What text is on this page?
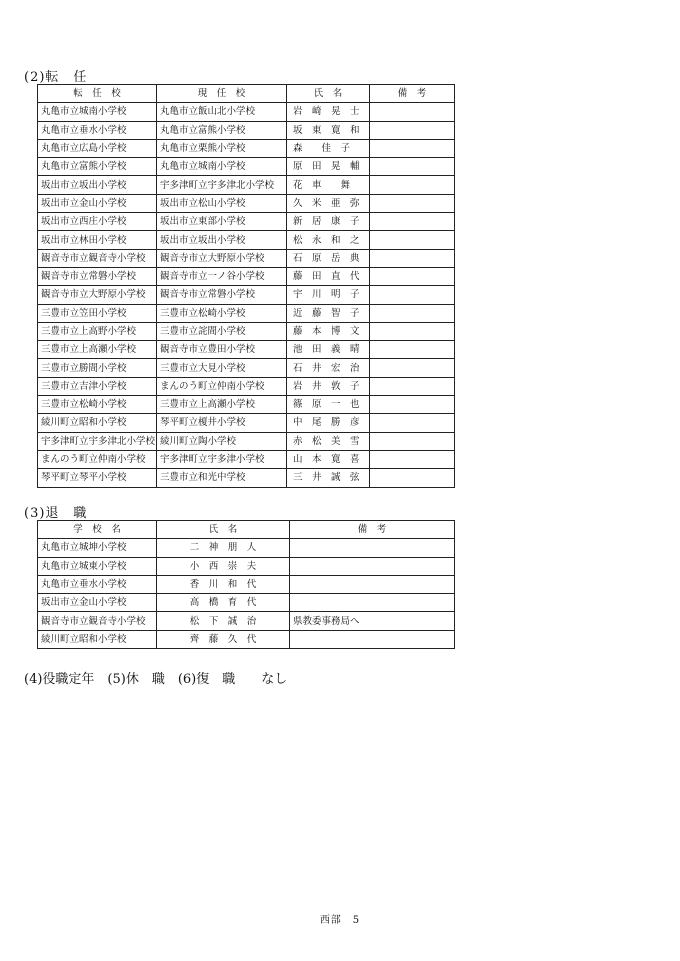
(2)転　任
転　任　校	現　任　校	氏　名	備　考
丸亀市立城南小学校	丸亀市立飯山北小学校	岩　崎　晃　士	
丸亀市立垂水小学校	丸亀市立富熊小学校	坂　東　寛　和	
丸亀市立広島小学校	丸亀市立栗熊小学校	森　　佳　子	
丸亀市立富熊小学校	丸亀市立城南小学校	原　田　晃　輔	
坂出市立坂出小学校	宇多津町立宇多津北小学校	花　車　　舞	
坂出市立金山小学校	坂出市立松山小学校	久　米　亜　弥	
坂出市立西庄小学校	坂出市立東部小学校	新　居　康　子	
坂出市立林田小学校	坂出市立坂出小学校	松　永　和　之	
観音寺市立観音寺小学校	観音寺市立大野原小学校	石　原　岳　典	
観音寺市立常磐小学校	観音寺市立一ノ谷小学校	藤　田　直　代	
観音寺市立大野原小学校	観音寺市立常磐小学校	宇　川　明　子	
三豊市立笠田小学校	三豊市立松崎小学校	近　藤　智　子	
三豊市立上高野小学校	三豊市立詫間小学校	藤　本　博　文	
三豊市立上高瀬小学校	観音寺市立豊田小学校	池　田　義　晴	
三豊市立勝間小学校	三豊市立大見小学校	石　井　宏　治	
三豊市立吉津小学校	まんのう町立仲南小学校	岩　井　敦　子	
三豊市立松崎小学校	三豊市立上高瀬小学校	篠　原　一　也	
綾川町立昭和小学校	琴平町立榎井小学校	中　尾　勝　彦	
宇多津町立宇多津北小学校	綾川町立陶小学校	赤　松　美　雪	
まんのう町立仲南小学校	宇多津町立宇多津小学校	山　本　寛　喜	
琴平町立琴平小学校	三豊市立和光中学校	三　井　誠　弦	
(3)退　職
学　校　名	氏　名	備　考
丸亀市立城坤小学校	二　神　朋　人	
丸亀市立城東小学校	小　西　崇　夫	
丸亀市立垂水小学校	香　川　和　代	
坂出市立金山小学校	高　橋　育　代	
観音寺市立観音寺小学校	松　下　誠　治	県教委事務局へ
綾川町立昭和小学校	齊　藤　久　代	
(4)役職定年　(5)休　職　(6)復　職　　なし
西部　5
